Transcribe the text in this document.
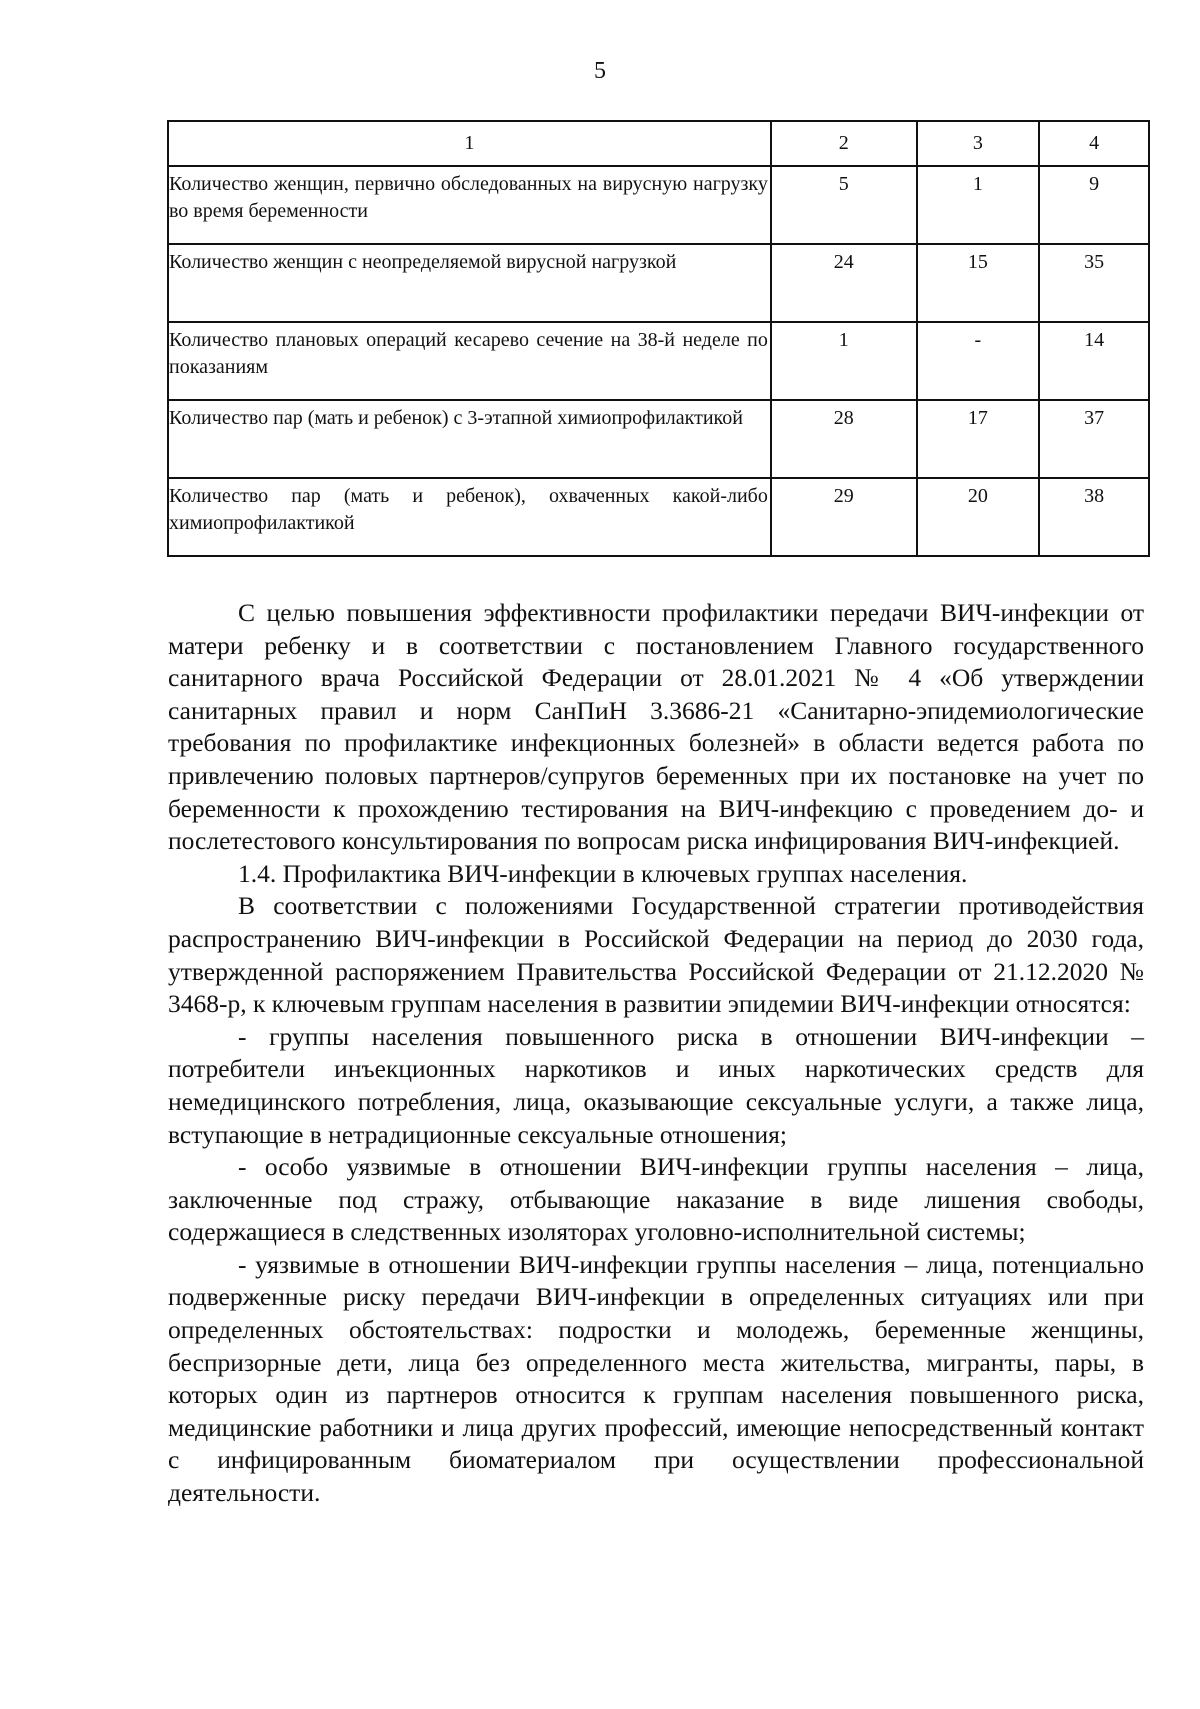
5
1	2	3	4
Количество женщин, первично обследованных на вирусную нагрузку во время беременности	5	1	9
Количество женщин с неопределяемой вирусной нагрузкой	24	15	35
Количество плановых операций кесарево сечение на 38-й неделе по показаниям	1	-	14
Количество пар (мать и ребенок) с 3-этапной химиопрофилактикой	28	17	37
Количество пар (мать и ребенок), охваченных какой-либо химиопрофилактикой	29	20	38

С целью повышения эффективности профилактики передачи ВИЧ-инфекции от матери ребенку и в соответствии с постановлением Главного государственного санитарного врача Российской Федерации от 28.01.2021 № 4 «Об утверждении санитарных правил и норм СанПиН 3.3686-21 «Санитарно-эпидемиологические требования по профилактике инфекционных болезней» в области ведется работа по привлечению половых партнеров/супругов беременных при их постановке на учет по беременности к прохождению тестирования на ВИЧ-инфекцию с проведением до- и послетестового консультирования по вопросам риска инфицирования ВИЧ-инфекцией.

1.4. Профилактика ВИЧ-инфекции в ключевых группах населения.

В соответствии с положениями Государственной стратегии противодействия распространению ВИЧ-инфекции в Российской Федерации на период до 2030 года, утвержденной распоряжением Правительства Российской Федерации от 21.12.2020 № 3468-р, к ключевым группам населения в развитии эпидемии ВИЧ-инфекции относятся:

- группы населения повышенного риска в отношении ВИЧ-инфекции – потребители инъекционных наркотиков и иных наркотических средств для немедицинского потребления, лица, оказывающие сексуальные услуги, а также лица, вступающие в нетрадиционные сексуальные отношения;

- особо уязвимые в отношении ВИЧ-инфекции группы населения – лица, заключенные под стражу, отбывающие наказание в виде лишения свободы, содержащиеся в следственных изоляторах уголовно-исполнительной системы;

- уязвимые в отношении ВИЧ-инфекции группы населения – лица, потенциально подверженные риску передачи ВИЧ-инфекции в определенных ситуациях или при определенных обстоятельствах: подростки и молодежь, беременные женщины, беспризорные дети, лица без определенного места жительства, мигранты, пары, в которых один из партнеров относится к группам населения повышенного риска, медицинские работники и лица других профессий, имеющие непосредственный контакт с инфицированным биоматериалом при осуществлении профессиональной деятельности.
